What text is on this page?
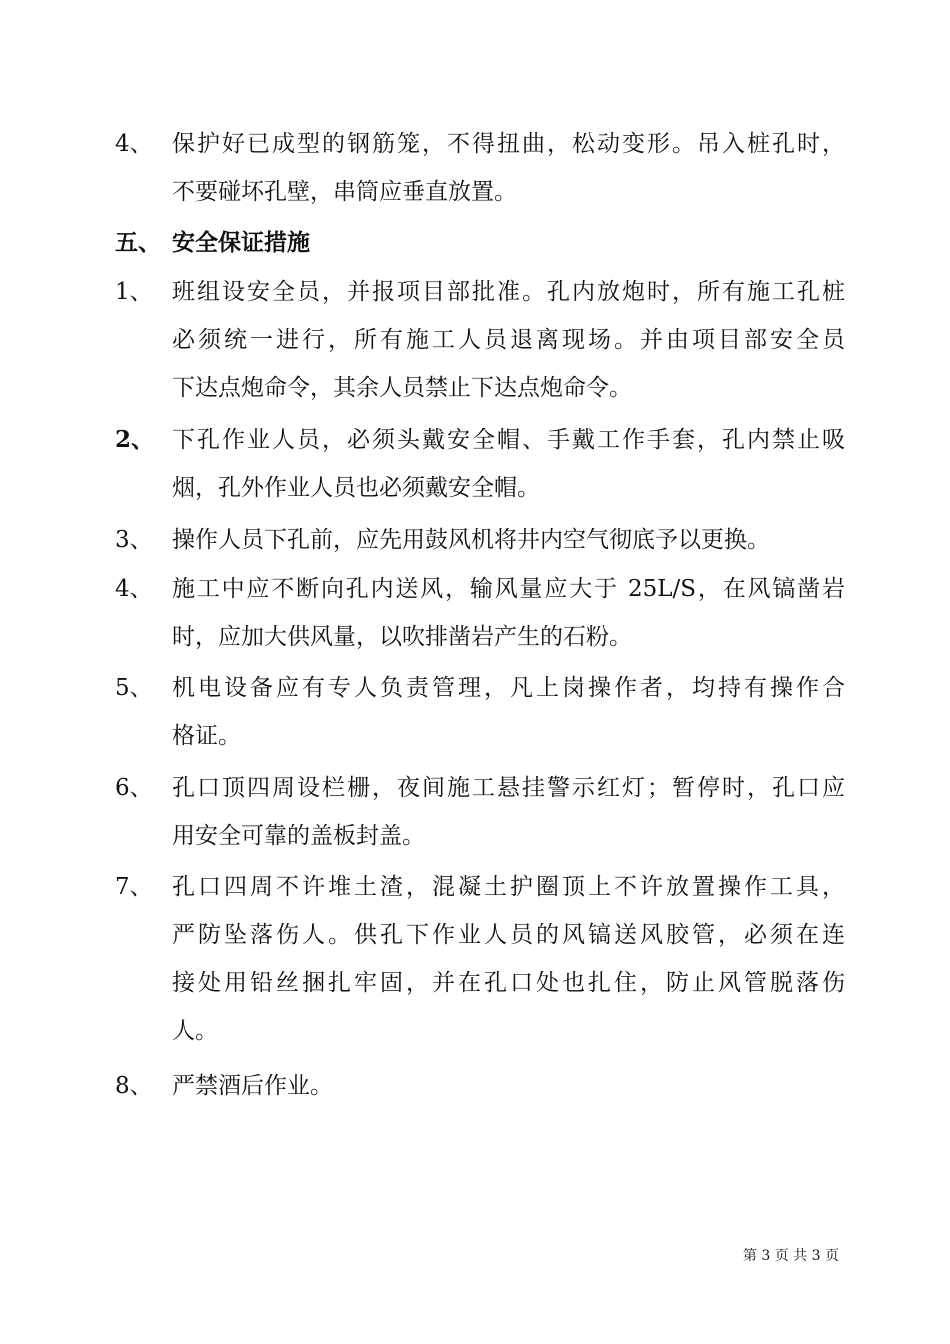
4、 保护好已成型的钢筋笼，不得扭曲，松动变形。吊入桩孔时，
不要碰坏孔壁，串筒应垂直放置。
五、 安全保证措施
1、 班组设安全员，并报项目部批准。孔内放炮时，所有施工孔桩
必须统一进行，所有施工人员退离现场。并由项目部安全员
下达点炮命令，其余人员禁止下达点炮命令。
2、 下孔作业人员，必须头戴安全帽、手戴工作手套，孔内禁止吸
烟，孔外作业人员也必须戴安全帽。
3、 操作人员下孔前，应先用鼓风机将井内空气彻底予以更换。
4、 施工中应不断向孔内送风，输风量应大于 25L/S，在风镐凿岩
时，应加大供风量，以吹排凿岩产生的石粉。
5、 机电设备应有专人负责管理，凡上岗操作者，均持有操作合
格证。
6、 孔口顶四周设栏栅，夜间施工悬挂警示红灯；暂停时，孔口应
用安全可靠的盖板封盖。
7、 孔口四周不许堆土渣，混凝土护圈顶上不许放置操作工具，
严防坠落伤人。供孔下作业人员的风镐送风胶管，必须在连
接处用铅丝捆扎牢固，并在孔口处也扎住，防止风管脱落伤
人。
8、 严禁酒后作业。
第 3 页 共 3 页
